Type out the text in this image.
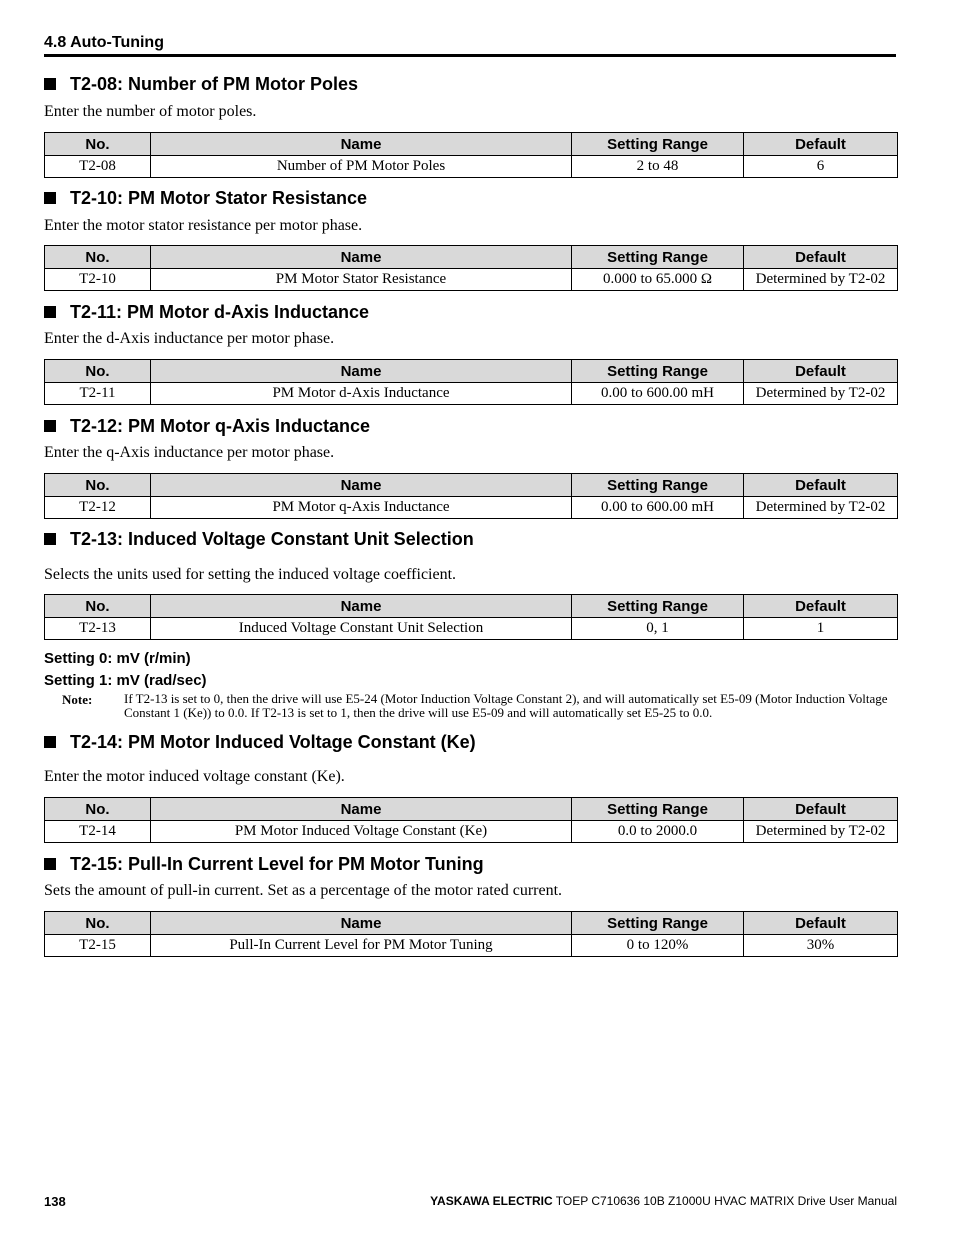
4.8 Auto-Tuning
T2-08: Number of PM Motor Poles
Enter the number of motor poles.
No.	Name	Setting Range	Default
T2-08	Number of PM Motor Poles	2 to 48	6
T2-10: PM Motor Stator Resistance
Enter the motor stator resistance per motor phase.
No.	Name	Setting Range	Default
T2-10	PM Motor Stator Resistance	0.000 to 65.000 Ω	Determined by T2-02
T2-11: PM Motor d-Axis Inductance
Enter the d-Axis inductance per motor phase.
No.	Name	Setting Range	Default
T2-11	PM Motor d-Axis Inductance	0.00 to 600.00 mH	Determined by T2-02
T2-12: PM Motor q-Axis Inductance
Enter the q-Axis inductance per motor phase.
No.	Name	Setting Range	Default
T2-12	PM Motor q-Axis Inductance	0.00 to 600.00 mH	Determined by T2-02
T2-13: Induced Voltage Constant Unit Selection
Selects the units used for setting the induced voltage coefficient.
No.	Name	Setting Range	Default
T2-13	Induced Voltage Constant Unit Selection	0, 1	1
Setting 0: mV (r/min)
Setting 1: mV (rad/sec)
Note: If T2-13 is set to 0, then the drive will use E5-24 (Motor Induction Voltage Constant 2), and will automatically set E5-09 (Motor Induction Voltage Constant 1 (Ke)) to 0.0. If T2-13 is set to 1, then the drive will use E5-09 and will automatically set E5-25 to 0.0.
T2-14: PM Motor Induced Voltage Constant (Ke)
Enter the motor induced voltage constant (Ke).
No.	Name	Setting Range	Default
T2-14	PM Motor Induced Voltage Constant (Ke)	0.0 to 2000.0	Determined by T2-02
T2-15: Pull-In Current Level for PM Motor Tuning
Sets the amount of pull-in current. Set as a percentage of the motor rated current.
No.	Name	Setting Range	Default
T2-15	Pull-In Current Level for PM Motor Tuning	0 to 120%	30%
138	YASKAWA ELECTRIC TOEP C710636 10B Z1000U HVAC MATRIX Drive User Manual
